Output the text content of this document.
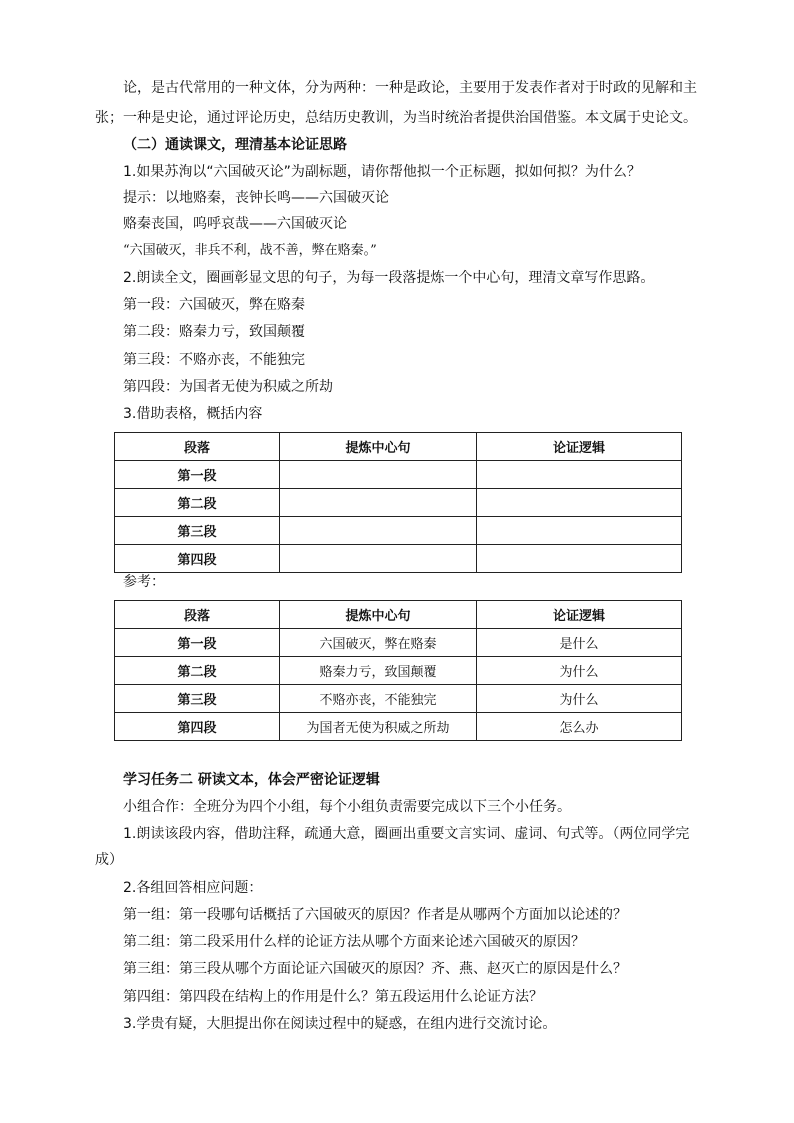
论，是古代常用的一种文体，分为两种：一种是政论，主要用于发表作者对于时政的见解和主
张；一种是史论，通过评论历史，总结历史教训，为当时统治者提供治国借鉴。本文属于史论文。
（二）通读课文，理清基本论证思路
1.如果苏洵以“六国破灭论”为副标题，请你帮他拟一个正标题，拟如何拟？为什么？
提示：以地赂秦，丧钟长鸣——六国破灭论
赂秦丧国，呜呼哀哉——六国破灭论
“六国破灭，非兵不利，战不善，弊在赂秦。”
2.朗读全文，圈画彰显文思的句子，为每一段落提炼一个中心句，理清文章写作思路。
第一段：六国破灭，弊在赂秦
第二段：赂秦力亏，致国颠覆
第三段：不赂亦丧，不能独完
第四段：为国者无使为积威之所劫
3.借助表格，概括内容
段落	提炼中心句	论证逻辑
第一段		
第二段		
第三段		
第四段		
参考：
段落	提炼中心句	论证逻辑
第一段	六国破灭，弊在赂秦	是什么
第二段	赂秦力亏，致国颠覆	为什么
第三段	不赂亦丧，不能独完	为什么
第四段	为国者无使为积威之所劫	怎么办
学习任务二 研读文本，体会严密论证逻辑
小组合作：全班分为四个小组，每个小组负责需要完成以下三个小任务。
1.朗读该段内容，借助注释，疏通大意，圈画出重要文言实词、虚词、句式等。（两位同学完
成）
2.各组回答相应问题：
第一组：第一段哪句话概括了六国破灭的原因？作者是从哪两个方面加以论述的？
第二组：第二段采用什么样的论证方法从哪个方面来论述六国破灭的原因？
第三组：第三段从哪个方面论证六国破灭的原因？齐、燕、赵灭亡的原因是什么？
第四组：第四段在结构上的作用是什么？第五段运用什么论证方法？
3.学贵有疑，大胆提出你在阅读过程中的疑惑，在组内进行交流讨论。
